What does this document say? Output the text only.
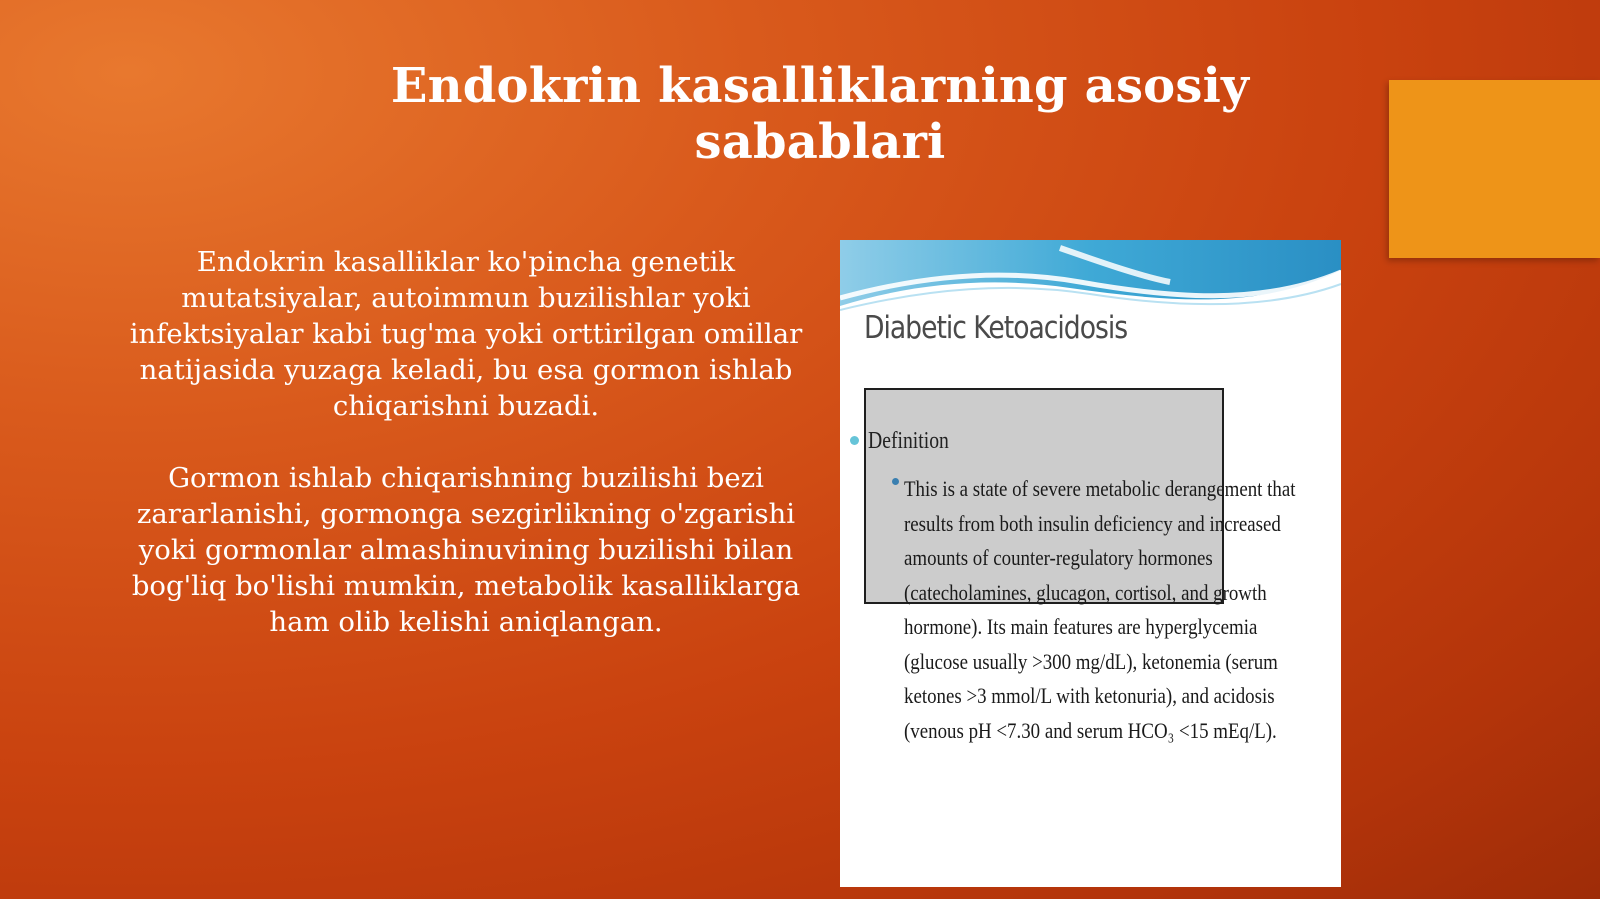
Endokrin kasalliklarning asosiy sabablari

Endokrin kasalliklar ko'pincha genetik mutatsiyalar, autoimmun buzilishlar yoki infektsiyalar kabi tug'ma yoki orttirilgan omillar natijasida yuzaga keladi, bu esa gormon ishlab chiqarishni buzadi.

Gormon ishlab chiqarishning buzilishi bezi zararlanishi, gormonga sezgirlikning o'zgarishi yoki gormonlar almashinuvining buzilishi bilan bog'liq bo'lishi mumkin, metabolik kasalliklarga ham olib kelishi aniqlangan.

Diabetic Ketoacidosis
Definition
This is a state of severe metabolic derangement that results from both insulin deficiency and increased amounts of counter-regulatory hormones (catecholamines, glucagon, cortisol, and growth hormone). Its main features are hyperglycemia (glucose usually >300 mg/dL), ketonemia (serum ketones >3 mmol/L with ketonuria), and acidosis (venous pH <7.30 and serum HCO₃ <15 mEq/L).
